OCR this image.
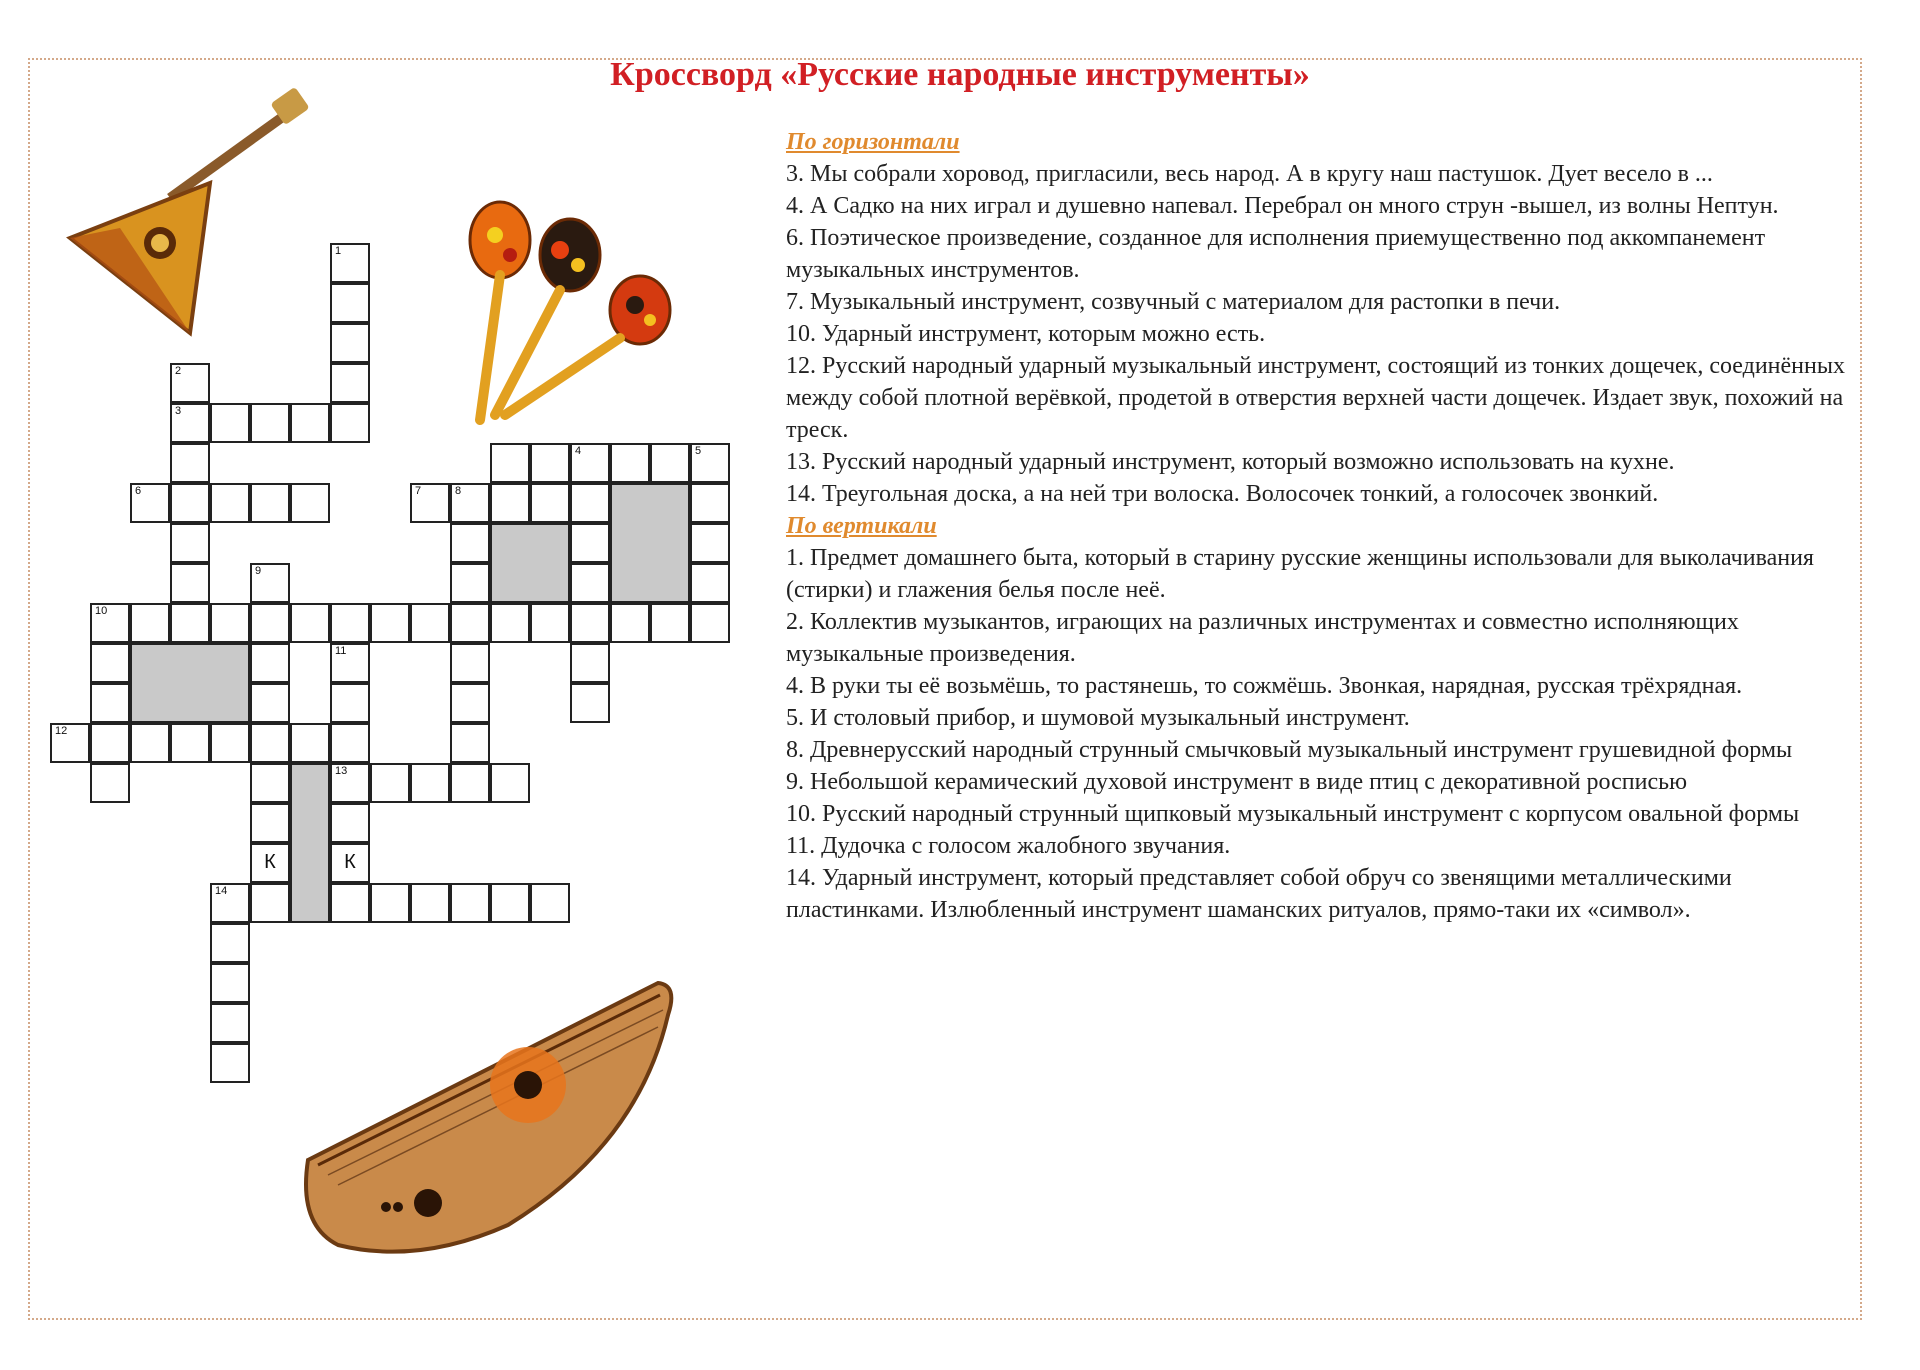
Кроссворд «Русские народные инструменты»
1
3
2
6
4	5
7	8
9
К
10
12
11
13
К
14
По горизонтали

3. Мы собрали хоровод, пригласили, весь народ. А в кругу наш пастушок. Дует весело в ...

4. А Садко на них играл и душевно напевал. Перебрал он много струн -вышел, из волны Нептун.

6. Поэтическое произведение, созданное для исполнения приемущественно под аккомпанемент музыкальных инструментов.

7. Музыкальный инструмент, созвучный с материалом для растопки в печи.

10. Ударный инструмент, которым можно есть.

12. Русский народный ударный музыкальный инструмент, состоящий из тонких дощечек, соединённых между собой плотной верёвкой, продетой в отверстия верхней части дощечек. Издает звук, похожий на треск.

13. Русский народный ударный инструмент, который возможно использовать на кухне.

14. Треугольная доска, а на ней три волоска. Волосочек тонкий, а голосочек звонкий.

По вертикали

1. Предмет домашнего быта, который в старину русские женщины использовали для выколачивания (стирки) и глажения белья после неё.

2. Коллектив музыкантов, играющих на различных инструментах и совместно исполняющих музыкальные произведения.

4. В руки ты её возьмёшь, то растянешь, то сожмёшь. Звонкая, нарядная, русская трёхрядная.

5. И столовый прибор, и шумовой музыкальный инструмент.

8. Древнерусский народный струнный смычковый музыкальный инструмент грушевидной формы

9. Небольшой керамический духовой инструмент в виде птиц с декоративной росписью

10. Русский народный струнный щипковый музыкальный инструмент с корпусом овальной формы

11. Дудочка с голосом жалобного звучания.

14. Ударный инструмент, который представляет собой обруч со звенящими металлическими пластинками. Излюбленный инструмент шаманских ритуалов, прямо-таки их «символ».
